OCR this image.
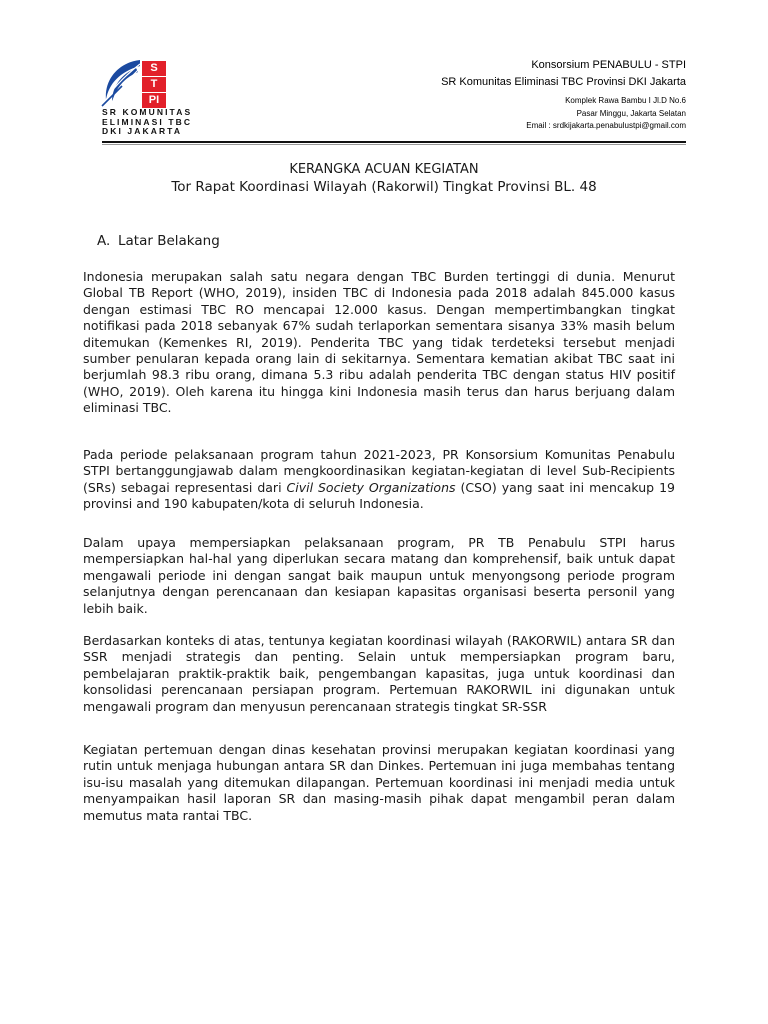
S
T
PI
SR KOMUNITAS
ELIMINASI TBC
DKI JAKARTA
Konsorsium PENABULU - STPI
SR Komunitas Eliminasi TBC Provinsi DKI Jakarta
Komplek Rawa Bambu I Jl.D No.6
Pasar Minggu, Jakarta Selatan
Email : srdkijakarta.penabulustpi@gmail.com
KERANGKA ACUAN KEGIATAN
Tor Rapat Koordinasi Wilayah (Rakorwil) Tingkat Provinsi BL. 48
A. Latar Belakang
Indonesia merupakan salah satu negara dengan TBC Burden tertinggi di dunia. Menurut Global TB Report (WHO, 2019), insiden TBC di Indonesia pada 2018 adalah 845.000 kasus dengan estimasi TBC RO mencapai 12.000 kasus. Dengan mempertimbangkan tingkat notifikasi pada 2018 sebanyak 67% sudah terlaporkan sementara sisanya 33% masih belum ditemukan (Kemenkes RI, 2019). Penderita TBC yang tidak terdeteksi tersebut menjadi sumber penularan kepada orang lain di sekitarnya. Sementara kematian akibat TBC saat ini berjumlah 98.3 ribu orang, dimana 5.3 ribu adalah penderita TBC dengan status HIV positif (WHO, 2019). Oleh karena itu hingga kini Indonesia masih terus dan harus berjuang dalam eliminasi TBC.
Pada periode pelaksanaan program tahun 2021-2023, PR Konsorsium Komunitas Penabulu STPI bertanggungjawab dalam mengkoordinasikan kegiatan-kegiatan di level Sub-Recipients (SRs) sebagai representasi dari Civil Society Organizations (CSO) yang saat ini mencakup 19 provinsi and 190 kabupaten/kota di seluruh Indonesia.
Dalam upaya mempersiapkan pelaksanaan program, PR TB Penabulu STPI harus mempersiapkan hal-hal yang diperlukan secara matang dan komprehensif, baik untuk dapat mengawali periode ini dengan sangat baik maupun untuk menyongsong periode program selanjutnya dengan perencanaan dan kesiapan kapasitas organisasi beserta personil yang lebih baik.
Berdasarkan konteks di atas, tentunya kegiatan koordinasi wilayah (RAKORWIL) antara SR dan SSR menjadi strategis dan penting. Selain untuk mempersiapkan program baru, pembelajaran praktik-praktik baik, pengembangan kapasitas, juga untuk koordinasi dan konsolidasi perencanaan persiapan program. Pertemuan RAKORWIL ini digunakan untuk mengawali program dan menyusun perencanaan strategis tingkat SR-SSR
Kegiatan pertemuan dengan dinas kesehatan provinsi merupakan kegiatan koordinasi yang rutin untuk menjaga hubungan antara SR dan Dinkes. Pertemuan ini juga membahas tentang isu-isu masalah yang ditemukan dilapangan. Pertemuan koordinasi ini menjadi media untuk menyampaikan hasil laporan SR dan masing-masih pihak dapat mengambil peran dalam memutus mata rantai TBC.
